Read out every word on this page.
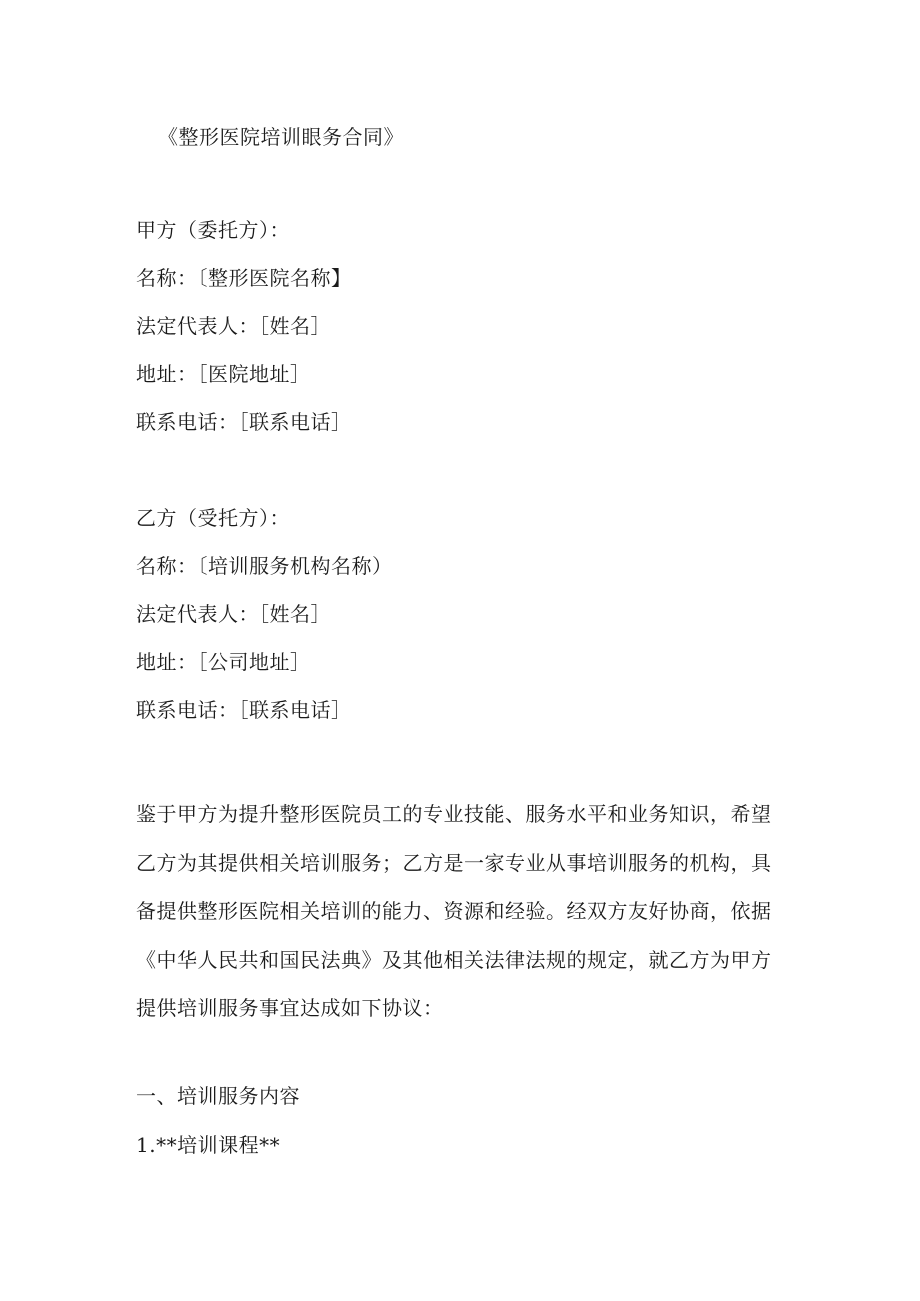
《整形医院培训眼务合同》
甲方（委托方）：
名称：〔整形医院名称】
法定代表人：［姓名］
地址：［医院地址］
联系电话：［联系电话］
乙方（受托方）：
名称：〔培训服务机构名称）
法定代表人：［姓名］
地址：［公司地址］
联系电话：［联系电话］
鉴于甲方为提升整形医院员工的专业技能、服务水平和业务知识，希望
乙方为其提供相关培训服务；乙方是一家专业从事培训服务的机构，具
备提供整形医院相关培训的能力、资源和经验。经双方友好协商，依据
《中华人民共和国民法典》及其他相关法律法规的规定，就乙方为甲方
提供培训服务事宜达成如下协议：
一、培训服务内容
1.**培训课程**
